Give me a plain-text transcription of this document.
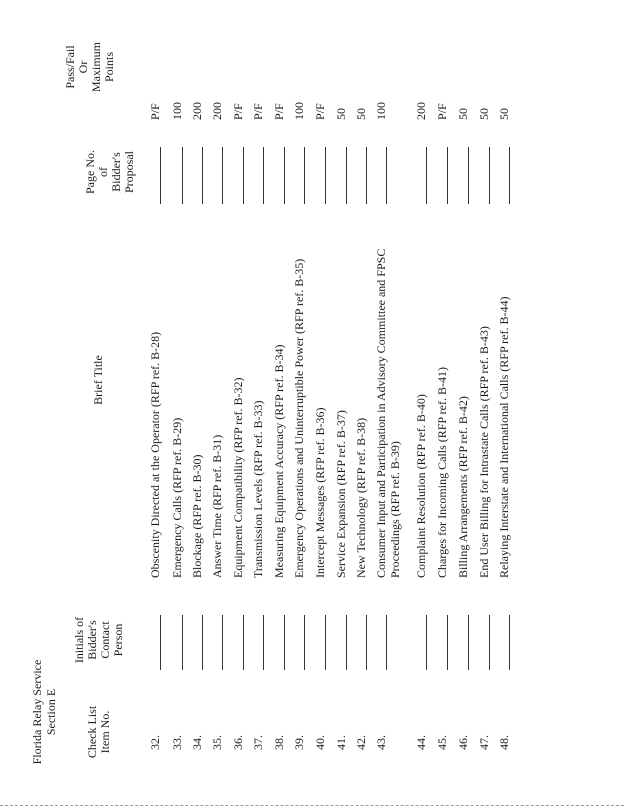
Florida Relay Service Section E Check List Item No.
Initials of Bidder's Contact Person
Brief Title
Page No. of Bidder's Proposal
Pass/Fail Or Maximum Points
32.
Obscenity Directed at the Operator (RFP ref. B-28)
P/F
33.
Emergency Calls (RFP ref. B-29)
100
34.
Blockage (RFP ref. B-30)
200
35.
Answer Time (RFP ref. B-31)
200
36.
Equipment Compatibility (RFP ref. B-32)
P/F
37.
Transmission Levels (RFP ref. B-33)
P/F
38.
Measuring Equipment Accuracy (RFP ref. B-34)
P/F
39.
Emergency Operations and Uninterruptible Power (RFP ref. B-35)
100
40.
Intercept Messages (RFP ref. B-36)
P/F
41.
Service Expansion (RFP ref. B-37)
50
42.
New Technology (RFP ref. B-38)
50
43.
Consumer Input and Participation in Advisory Committee and FPSC Proceedings (RFP ref. B-39)
100
44.
Complaint Resolution (RFP ref. B-40)
200
45.
Charges for Incoming Calls (RFP ref. B-41)
P/F
46.
Billing Arrangements (RFP ref. B-42)
50
47.
End User Billing for Intrastate Calls (RFP ref. B-43)
50
48.
Relaying Interstate and International Calls (RFP ref. B-44)
50
